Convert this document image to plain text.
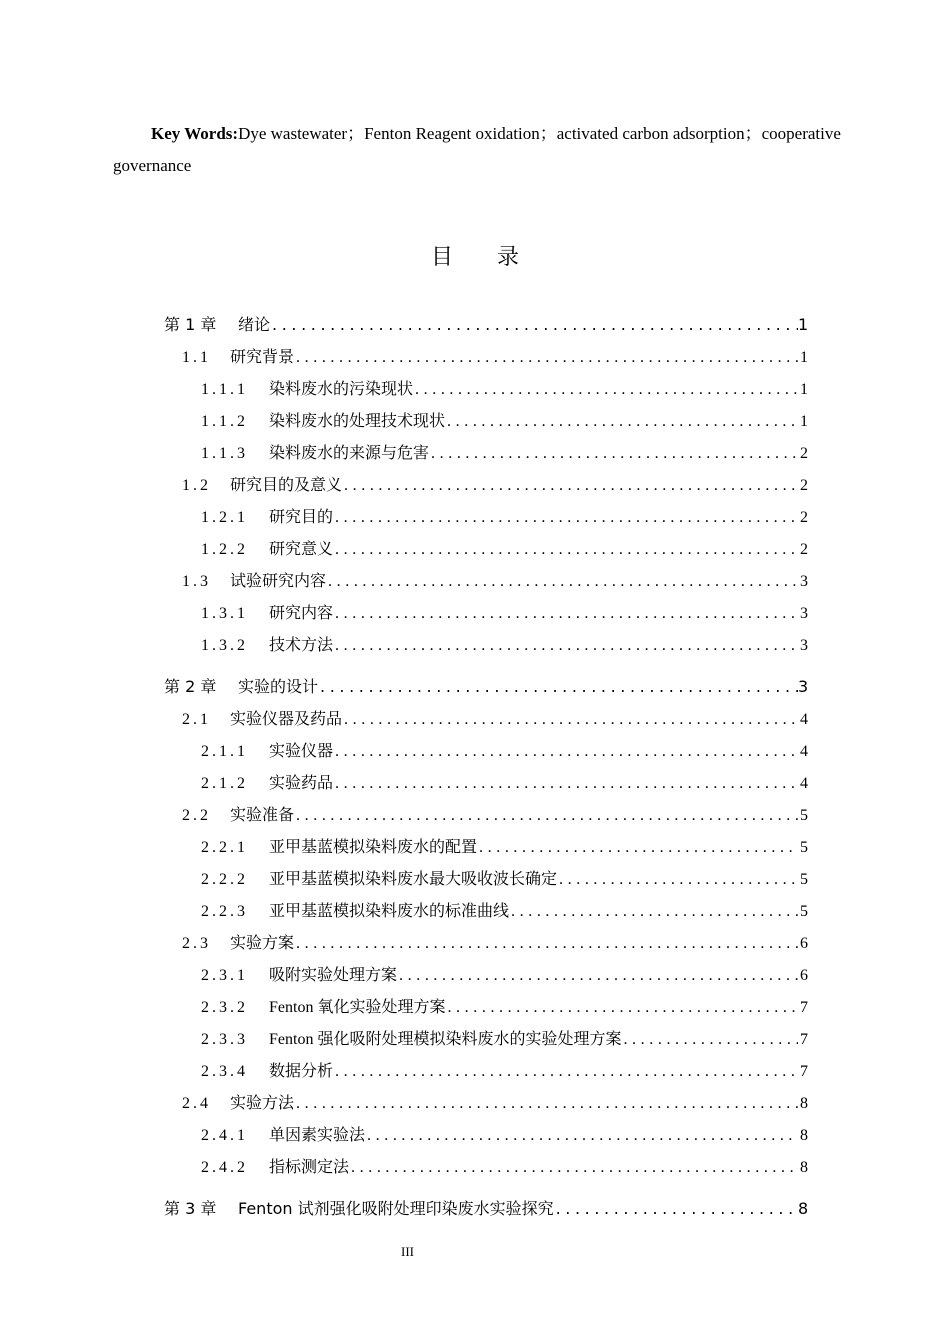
Key Words:Dye wastewater；Fenton Reagent oxidation；activated carbon adsorption；cooperative governance
目录
第 1 章	绪论 .....	1
1.1	研究背景 .....	1
1.1.1	染料废水的污染现状 .....	1
1.1.2	染料废水的处理技术现状 .....	1
1.1.3	染料废水的来源与危害 .....	2
1.2	研究目的及意义 .....	2
1.2.1	研究目的 .....	2
1.2.2	研究意义 .....	2
1.3	试验研究内容 .....	3
1.3.1	研究内容 .....	3
1.3.2	技术方法 .....	3
第 2 章	实验的设计 .....	3
2.1	实验仪器及药品 .....	4
2.1.1	实验仪器 .....	4
2.1.2	实验药品 .....	4
2.2	实验准备 .....	5
2.2.1	亚甲基蓝模拟染料废水的配置 .....	5
2.2.2	亚甲基蓝模拟染料废水最大吸收波长确定 .....	5
2.2.3	亚甲基蓝模拟染料废水的标准曲线 .....	5
2.3	实验方案 .....	6
2.3.1	吸附实验处理方案 .....	6
2.3.2	Fenton 氧化实验处理方案 .....	7
2.3.3	Fenton 强化吸附处理模拟染料废水的实验处理方案 .....	7
2.3.4	数据分析 .....	7
2.4	实验方法 .....	8
2.4.1	单因素实验法 .....	8
2.4.2	指标测定法 .....	8
第 3 章	Fenton 试剂强化吸附处理印染废水实验探究 .....	8
III
